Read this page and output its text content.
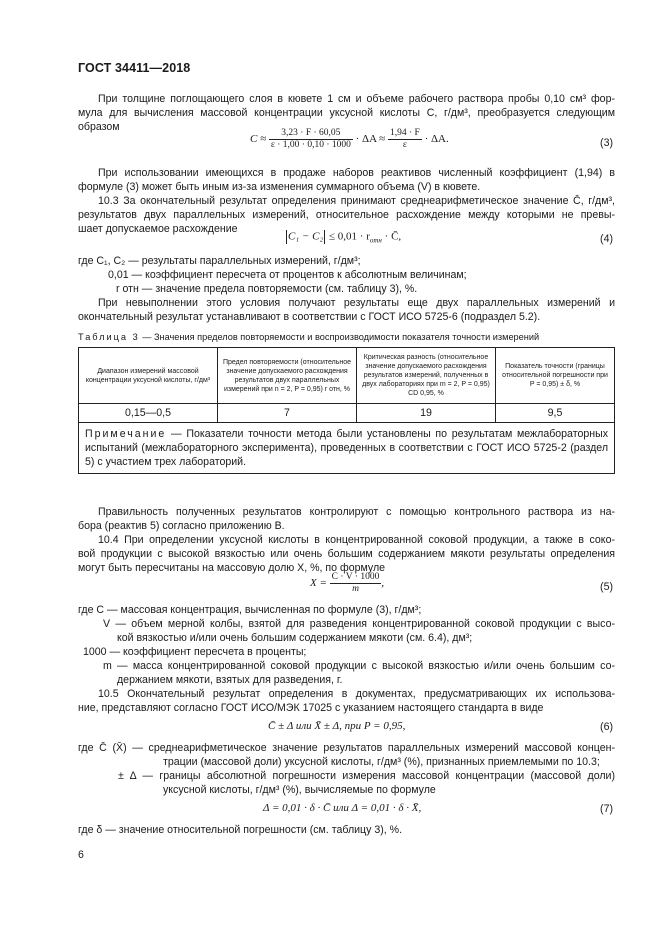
ГОСТ 34411—2018
При толщине поглощающего слоя в кювете 1 см и объеме рабочего раствора пробы 0,10 см³ фор-
мула для вычисления массовой концентрации уксусной кислоты C, г/дм³, преобразуется следующим
образом
$C \approx \frac{3,23 \cdot F \cdot 60,05}{\varepsilon \cdot 1,00 \cdot 0,10 \cdot 1000} \cdot \Delta A \approx \frac{1,94 \cdot F}{\varepsilon} \cdot \Delta A$.	(3)
При использовании имеющихся в продаже наборов реактивов численный коэффициент (1,94) в
формуле (3) может быть иным из-за изменения суммарного объема (V) в кювете.
10.3 За окончательный результат определения принимают среднеарифметическое значение C̄, г/дм³,
результатов двух параллельных измерений, относительное расхождение между которыми не превы-
шает допускаемое расхождение
$C_1 - C_2 \le 0,01 \cdot r_{отн}$ · C̄,	(4)
где C₁, C₂ — результаты параллельных измерений, г/дм³;
0,01 — коэффициент пересчета от процентов к абсолютным величинам;
r отн — значение предела повторяемости (см. таблицу 3), %.
При невыполнении этого условия получают результаты еще двух параллельных измерений и
окончательный результат устанавливают в соответствии с ГОСТ ИСО 5725-6 (подраздел 5.2).
Таблица 3 — Значения пределов повторяемости и воспроизводимости показателя точности измерений
Диапазон измерений массовой концентрации уксусной кислоты, г/дм³	Предел повторяемости (относительное значение допускаемого расхождения результатов двух параллельных измерений при n = 2, P = 0,95) r отн, %	Критическая разность (относительное значение допускаемого расхождения результатов измерений, полученных в двух лабораториях при m = 2, P = 0,95) CD 0,95, %	Показатель точности (границы относительной погрешности при P = 0,95) ± δ, %
0,15—0,5	7	19	9,5
Примечание — Показатели точности метода были установлены по результатам межлабораторных испытаний (межлабораторного эксперимента), проведенных в соответствии с ГОСТ ИСО 5725-2 (раздел 5) с участием трех лабораторий.			
Правильность полученных результатов контролируют с помощью контрольного раствора из на-
бора (реактив 5) согласно приложению В.
10.4 При определении уксусной кислоты в концентрированной соковой продукции, а также в соко-
вой продукции с высокой вязкостью или очень большим содержанием мякоти результаты определения
могут быть пересчитаны на массовую долю X, %, по формуле
$X = \frac{C \cdot V \cdot 1000}{m}$ ,	(5)
где C — массовая концентрация, вычисленная по формуле (3), г/дм³;
V — объем мерной колбы, взятой для разведения концентрированной соковой продукции с высо-
кой вязкостью и/или очень большим содержанием мякоти (см. 6.4), дм³;
1000 — коэффициент пересчета в проценты;
m — масса концентрированной соковой продукции с высокой вязкостью и/или очень большим со-
держанием мякоти, взятых для разведения, г.
10.5 Окончательный результат определения в документах, предусматривающих их использова-
ние, представляют согласно ГОСТ ИСО/МЭК 17025 с указанием настоящего стандарта в виде
C̄ ± Δ или X̄ ± Δ, при P = 0,95,	(6)
где C̄ (X̄) — среднеарифметическое значение результатов параллельных измерений массовой концен-
трации (массовой доли) уксусной кислоты, г/дм³ (%), признанных приемлемыми по 10.3;
± Δ — границы абсолютной погрешности измерения массовой концентрации (массовой доли)
уксусной кислоты, г/дм³ (%), вычисляемые по формуле
Δ = 0,01 · δ · C̄ или Δ = 0,01 · δ · X̄,	(7)
где δ — значение относительной погрешности (см. таблицу 3), %.
6
